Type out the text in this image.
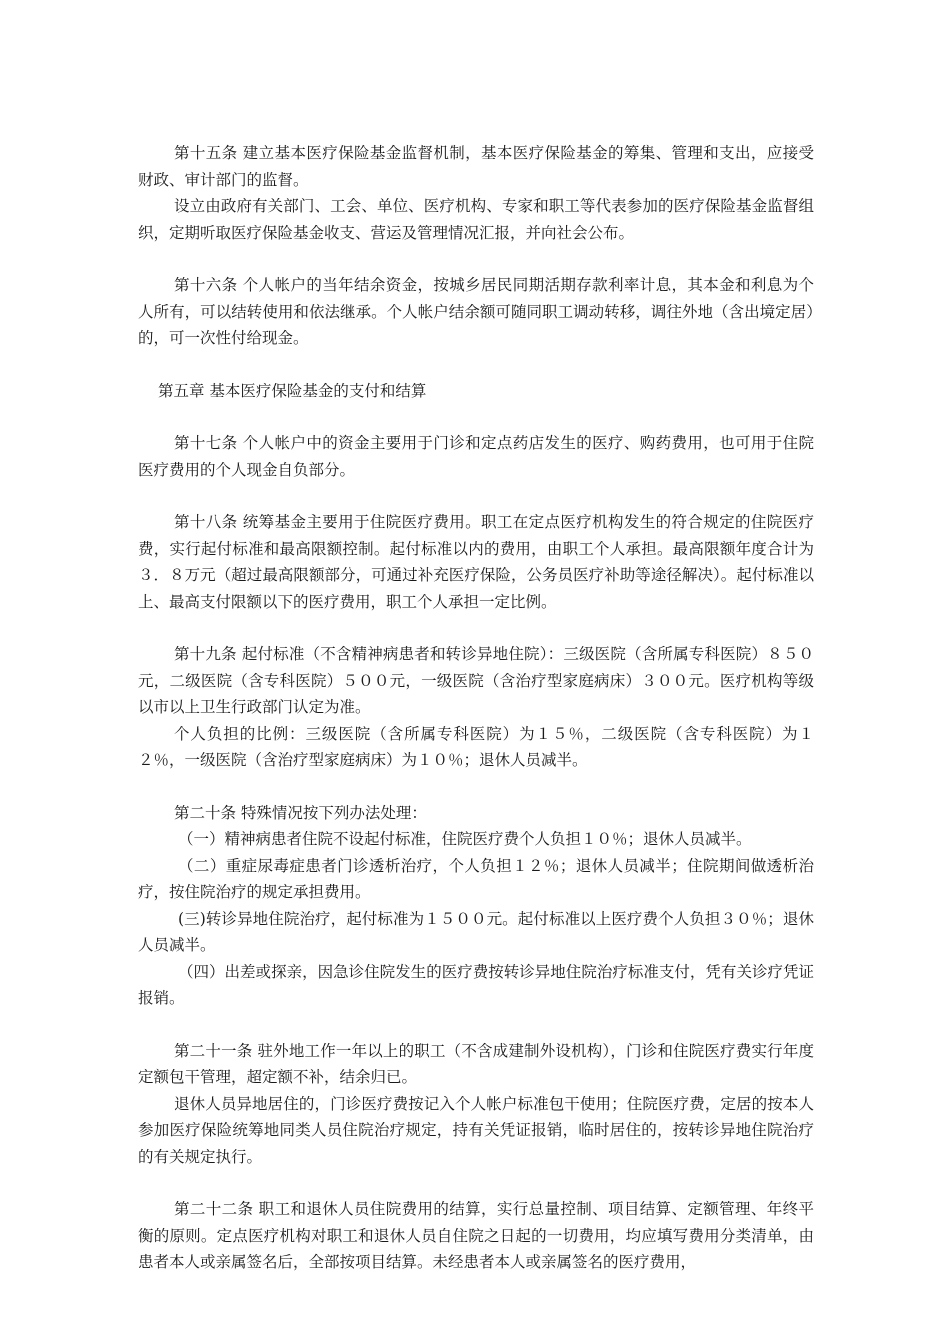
第十五条 建立基本医疗保险基金监督机制，基本医疗保险基金的筹集、管理和支出，应接受财政、审计部门的监督。

设立由政府有关部门、工会、单位、医疗机构、专家和职工等代表参加的医疗保险基金监督组织，定期听取医疗保险基金收支、营运及管理情况汇报，并向社会公布。

第十六条 个人帐户的当年结余资金，按城乡居民同期活期存款利率计息，其本金和利息为个人所有，可以结转使用和依法继承。个人帐户结余额可随同职工调动转移，调往外地（含出境定居）的，可一次性付给现金。

第五章 基本医疗保险基金的支付和结算

第十七条 个人帐户中的资金主要用于门诊和定点药店发生的医疗、购药费用，也可用于住院医疗费用的个人现金自负部分。

第十八条 统筹基金主要用于住院医疗费用。职工在定点医疗机构发生的符合规定的住院医疗费，实行起付标准和最高限额控制。起付标准以内的费用，由职工个人承担。最高限额年度合计为３．８万元（超过最高限额部分，可通过补充医疗保险，公务员医疗补助等途径解决）。起付标准以上、最高支付限额以下的医疗费用，职工个人承担一定比例。

第十九条 起付标准（不含精神病患者和转诊异地住院）：三级医院（含所属专科医院）８５０元，二级医院（含专科医院）５００元，一级医院（含治疗型家庭病床）３００元。医疗机构等级以市以上卫生行政部门认定为准。

个人负担的比例：三级医院（含所属专科医院）为１５％，二级医院（含专科医院）为１２％，一级医院（含治疗型家庭病床）为１０％；退休人员减半。

第二十条 特殊情况按下列办法处理：

（一）精神病患者住院不设起付标准，住院医疗费个人负担１０％；退休人员减半。

（二）重症尿毒症患者门诊透析治疗，个人负担１２％；退休人员减半；住院期间做透析治疗，按住院治疗的规定承担费用。

(三)转诊异地住院治疗，起付标准为１５００元。起付标准以上医疗费个人负担３０％；退休人员减半。

（四）出差或探亲，因急诊住院发生的医疗费按转诊异地住院治疗标准支付，凭有关诊疗凭证报销。

第二十一条 驻外地工作一年以上的职工（不含成建制外设机构），门诊和住院医疗费实行年度定额包干管理，超定额不补，结余归已。

退休人员异地居住的，门诊医疗费按记入个人帐户标准包干使用；住院医疗费，定居的按本人参加医疗保险统筹地同类人员住院治疗规定，持有关凭证报销，临时居住的，按转诊异地住院治疗的有关规定执行。

第二十二条 职工和退休人员住院费用的结算，实行总量控制、项目结算、定额管理、年终平衡的原则。定点医疗机构对职工和退休人员自住院之日起的一切费用，均应填写费用分类清单，由患者本人或亲属签名后，全部按项目结算。未经患者本人或亲属签名的医疗费用，
